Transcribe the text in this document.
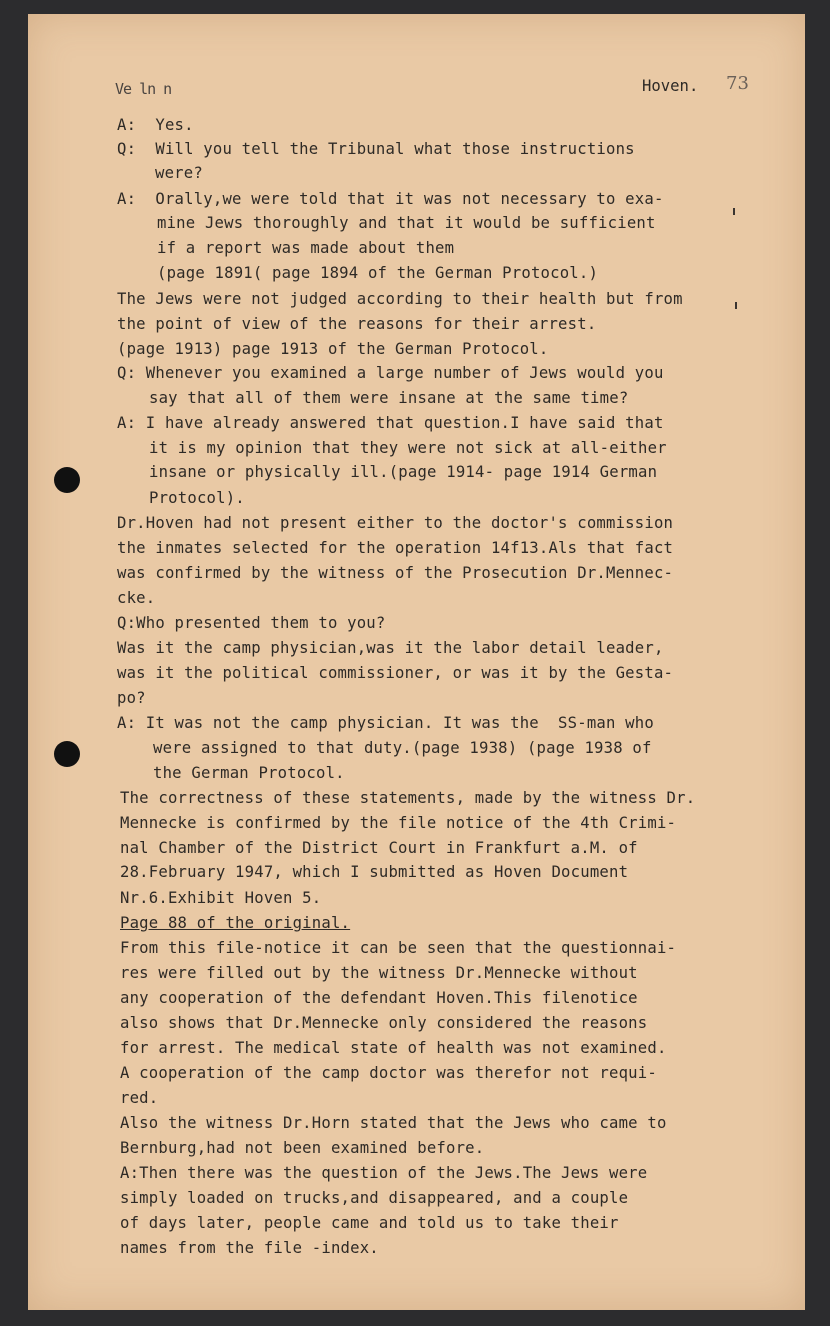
Ve ln n	Hoven. 73
A:  Yes.
Q:  Will you tell the Tribunal what those instructions
were?
A:  Orally,we were told that it was not necessary to exa-
mine Jews thoroughly and that it would be sufficient
if a report was made about them
(page 1891( page 1894 of the German Protocol.)
The Jews were not judged according to their health but from
the point of view of the reasons for their arrest.
(page 1913) page 1913 of the German Protocol.
Q: Whenever you examined a large number of Jews would you
say that all of them were insane at the same time?
A: I have already answered that question.I have said that
it is my opinion that they were not sick at all-either
insane or physically ill.(page 1914- page 1914 German
Protocol).
Dr.Hoven had not present either to the doctor's commission
the inmates selected for the operation 14f13.Als that fact
was confirmed by the witness of the Prosecution Dr.Mennec-
cke.
Q:Who presented them to you?
Was it the camp physician,was it the labor detail leader,
was it the political commissioner, or was it by the Gesta-
po?
A: It was not the camp physician. It was the  SS-man who
were assigned to that duty.(page 1938) (page 1938 of
the German Protocol.
The correctness of these statements, made by the witness Dr.
Mennecke is confirmed by the file notice of the 4th Crimi-
nal Chamber of the District Court in Frankfurt a.M. of
28.February 1947, which I submitted as Hoven Document
Nr.6.Exhibit Hoven 5.
Page 88 of the original.
From this file-notice it can be seen that the questionnai-
res were filled out by the witness Dr.Mennecke without
any cooperation of the defendant Hoven.This filenotice
also shows that Dr.Mennecke only considered the reasons
for arrest. The medical state of health was not examined.
A cooperation of the camp doctor was therefor not requi-
red.
Also the witness Dr.Horn stated that the Jews who came to
Bernburg,had not been examined before.
A:Then there was the question of the Jews.The Jews were
simply loaded on trucks,and disappeared, and a couple
of days later, people came and told us to take their
names from the file -index.
